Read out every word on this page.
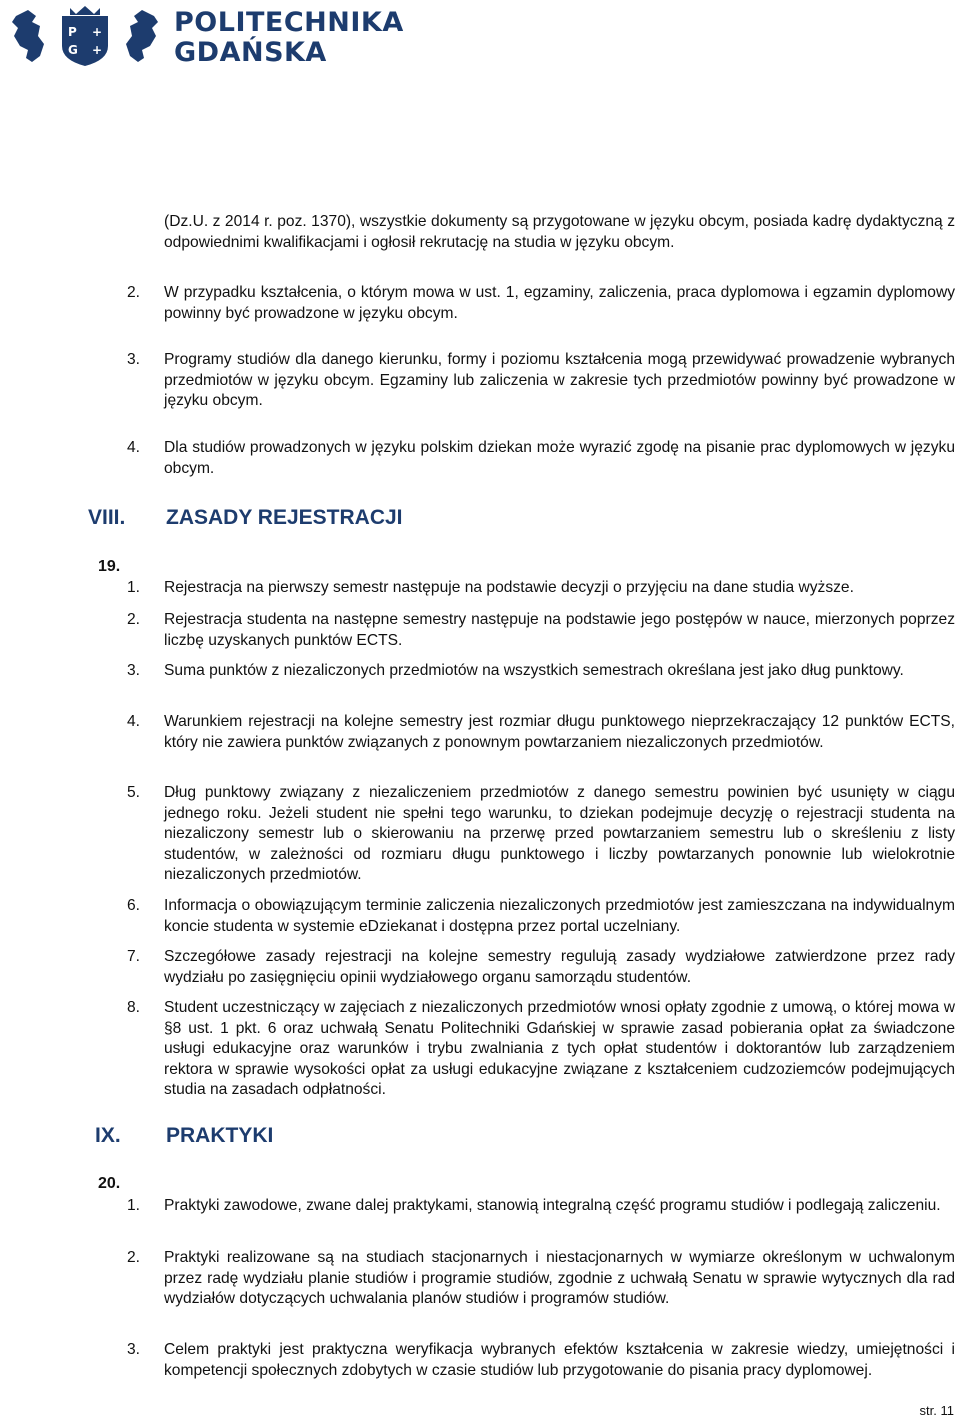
P +
G +
POLITECHNIKA
GDAŃSKA
(Dz.U. z 2014 r. poz. 1370), wszystkie dokumenty są przygotowane w języku obcym, posiada kadrę dydaktyczną z odpowiednimi kwalifikacjami i ogłosił rekrutację na studia w języku obcym.
2. W przypadku kształcenia, o którym mowa w ust. 1, egzaminy, zaliczenia, praca dyplomowa i egzamin dyplomowy powinny być prowadzone w języku obcym.
3. Programy studiów dla danego kierunku, formy i poziomu kształcenia mogą przewidywać prowadzenie wybranych przedmiotów w języku obcym. Egzaminy lub zaliczenia w zakresie tych przedmiotów powinny być prowadzone w języku obcym.
4. Dla studiów prowadzonych w języku polskim dziekan może wyrazić zgodę na pisanie prac dyplomowych w języku obcym.
VIII. ZASADY REJESTRACJI
19.
1. Rejestracja na pierwszy semestr następuje na podstawie decyzji o przyjęciu na dane studia wyższe.
2. Rejestracja studenta na następne semestry następuje na podstawie jego postępów w nauce, mierzonych poprzez liczbę uzyskanych punktów ECTS.
3. Suma punktów z niezaliczonych przedmiotów na wszystkich semestrach określana jest jako dług punktowy.
4. Warunkiem rejestracji na kolejne semestry jest rozmiar długu punktowego nieprzekraczający 12 punktów ECTS, który nie zawiera punktów związanych z ponownym powtarzaniem niezaliczonych przedmiotów.
5. Dług punktowy związany z niezaliczeniem przedmiotów z danego semestru powinien być usunięty w ciągu jednego roku. Jeżeli student nie spełni tego warunku, to dziekan podejmuje decyzję o rejestracji studenta na niezaliczony semestr lub o skierowaniu na przerwę przed powtarzaniem semestru lub o skreśleniu z listy studentów, w zależności od rozmiaru długu punktowego i liczby powtarzanych ponownie lub wielokrotnie niezaliczonych przedmiotów.
6. Informacja o obowiązującym terminie zaliczenia niezaliczonych przedmiotów jest zamieszczana na indywidualnym koncie studenta w systemie eDziekanat i dostępna przez portal uczelniany.
7. Szczegółowe zasady rejestracji na kolejne semestry regulują zasady wydziałowe zatwierdzone przez rady wydziału po zasięgnięciu opinii wydziałowego organu samorządu studentów.
8. Student uczestniczący w zajęciach z niezaliczonych przedmiotów wnosi opłaty zgodnie z umową, o której mowa w §8 ust. 1 pkt. 6 oraz uchwałą Senatu Politechniki Gdańskiej w sprawie zasad pobierania opłat za świadczone usługi edukacyjne oraz warunków i trybu zwalniania z tych opłat studentów i doktorantów lub zarządzeniem rektora w sprawie wysokości opłat za usługi edukacyjne związane z kształceniem cudzoziemców podejmujących studia na zasadach odpłatności.
IX. PRAKTYKI
20.
1. Praktyki zawodowe, zwane dalej praktykami, stanowią integralną część programu studiów i podlegają zaliczeniu.
2. Praktyki realizowane są na studiach stacjonarnych i niestacjonarnych w wymiarze określonym w uchwalonym przez radę wydziału planie studiów i programie studiów, zgodnie z uchwałą Senatu w sprawie wytycznych dla rad wydziałów dotyczących uchwalania planów studiów i programów studiów.
3. Celem praktyki jest praktyczna weryfikacja wybranych efektów kształcenia w zakresie wiedzy, umiejętności i kompetencji społecznych zdobytych w czasie studiów lub przygotowanie do pisania pracy dyplomowej.
str. 11
